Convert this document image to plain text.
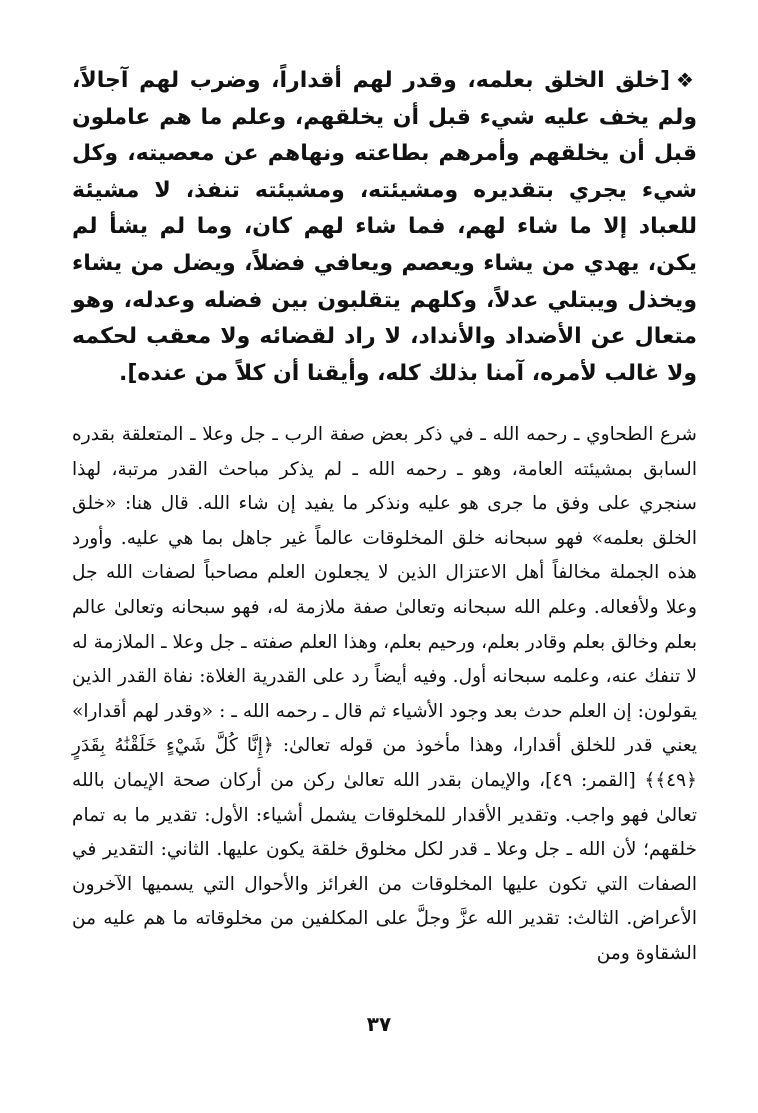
❖[خلق الخلق بعلمه، وقدر لهم أقداراً، وضرب لهم آجالاً، ولم يخف عليه شيء قبل أن يخلقهم، وعلم ما هم عاملون قبل أن يخلقهم وأمرهم بطاعته ونهاهم عن معصيته، وكل شيء يجري بتقديره ومشيئته، ومشيئته تنفذ، لا مشيئة للعباد إلا ما شاء لهم، فما شاء لهم كان، وما لم يشأ لم يكن، يهدي من يشاء ويعصم ويعافي فضلاً، ويضل من يشاء ويخذل ويبتلي عدلاً، وكلهم يتقلبون بين فضله وعدله، وهو متعال عن الأضداد والأنداد، لا راد لقضائه ولا معقب لحكمه ولا غالب لأمره، آمنا بذلك كله، وأيقنا أن كلاً من عنده].
شرع الطحاوي ـ رحمه الله ـ في ذكر بعض صفة الرب ـ جل وعلا ـ المتعلقة بقدره السابق بمشيئته العامة، وهو ـ رحمه الله ـ لم يذكر مباحث القدر مرتبة، لهذا سنجري على وفق ما جرى هو عليه ونذكر ما يفيد إن شاء الله. قال هنا: «خلق الخلق بعلمه» فهو سبحانه خلق المخلوقات عالماً غير جاهل بما هي عليه. وأورد هذه الجملة مخالفاً أهل الاعتزال الذين لا يجعلون العلم مصاحباً لصفات الله جل وعلا ولأفعاله. وعلم الله سبحانه وتعالىٰ صفة ملازمة له، فهو سبحانه وتعالىٰ عالم بعلم وخالق بعلم وقادر بعلم، ورحيم بعلم، وهذا العلم صفته ـ جل وعلا ـ الملازمة له لا تنفك عنه، وعلمه سبحانه أول. وفيه أيضاً رد على القدرية الغلاة: نفاة القدر الذين يقولون: إن العلم حدث بعد وجود الأشياء ثم قال ـ رحمه الله ـ : «وقدر لهم أقدارا» يعني قدر للخلق أقدارا، وهذا مأخوذ من قوله تعالىٰ: ﴿إِنَّا كُلَّ شَيْءٍ خَلَقْنَٰهُ بِقَدَرٍ ﴿٤٩﴾﴾ [القمر: ٤٩]، والإيمان بقدر الله تعالىٰ ركن من أركان صحة الإيمان بالله تعالىٰ فهو واجب. وتقدير الأقدار للمخلوقات يشمل أشياء: الأول: تقدير ما به تمام خلقهم؛ لأن الله ـ جل وعلا ـ قدر لكل مخلوق خلقة يكون عليها. الثاني: التقدير في الصفات التي تكون عليها المخلوقات من الغرائز والأحوال التي يسميها الآخرون الأعراض. الثالث: تقدير الله عزَّ وجلَّ على المكلفين من مخلوقاته ما هم عليه من الشقاوة ومن
٣٧
